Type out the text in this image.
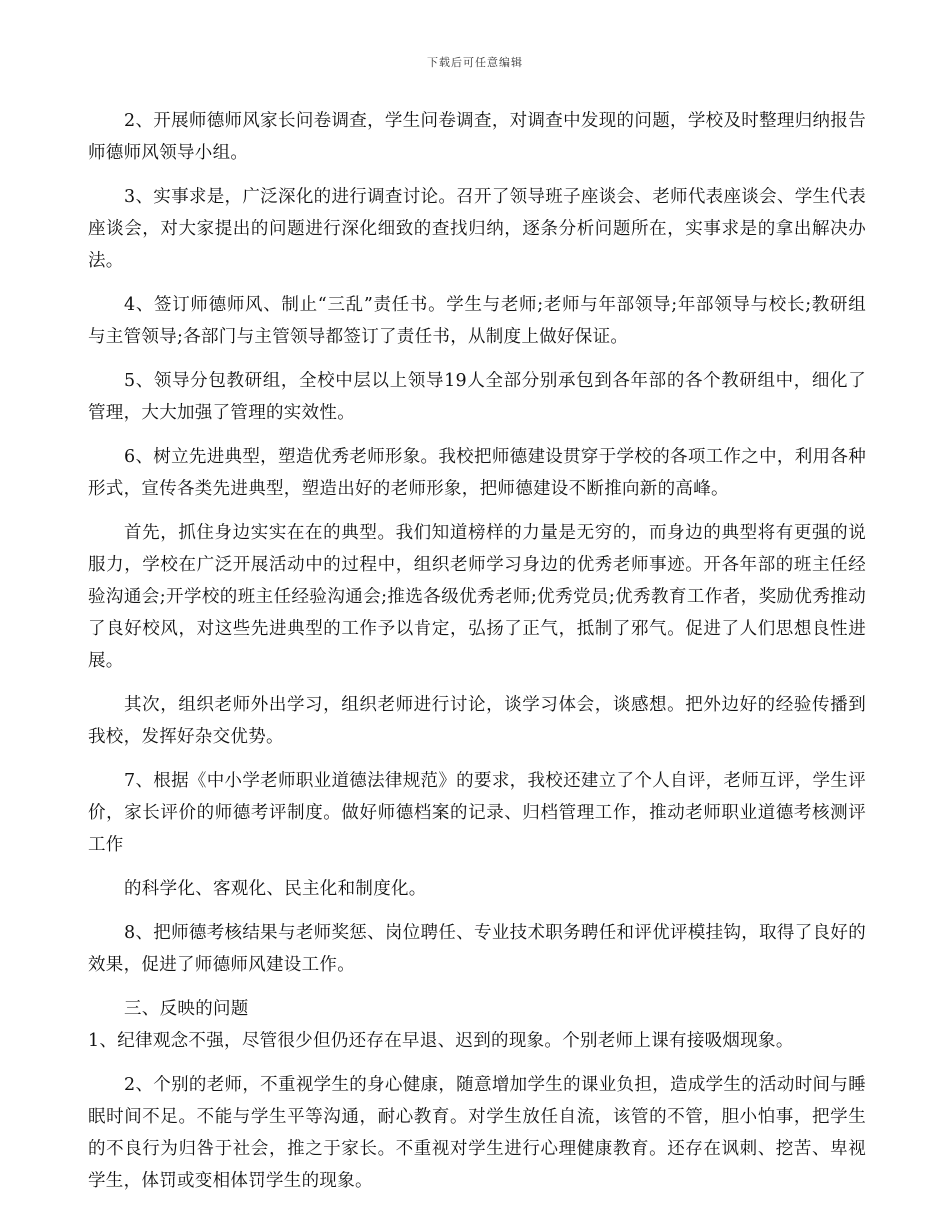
下载后可任意编辑

2、开展师德师风家长问卷调查，学生问卷调查，对调查中发现的问题，学校及时整理归纳报告师德师风领导小组。

3、实事求是，广泛深化的进行调查讨论。召开了领导班子座谈会、老师代表座谈会、学生代表座谈会，对大家提出的问题进行深化细致的查找归纳，逐条分析问题所在，实事求是的拿出解决办法。

4、签订师德师风、制止“三乱”责任书。学生与老师;老师与年部领导;年部领导与校长;教研组与主管领导;各部门与主管领导都签订了责任书，从制度上做好保证。

5、领导分包教研组，全校中层以上领导19人全部分别承包到各年部的各个教研组中，细化了管理，大大加强了管理的实效性。

6、树立先进典型，塑造优秀老师形象。我校把师德建设贯穿于学校的各项工作之中，利用各种形式，宣传各类先进典型，塑造出好的老师形象，把师德建设不断推向新的高峰。

首先，抓住身边实实在在的典型。我们知道榜样的力量是无穷的，而身边的典型将有更强的说服力，学校在广泛开展活动中的过程中，组织老师学习身边的优秀老师事迹。开各年部的班主任经验沟通会;开学校的班主任经验沟通会;推选各级优秀老师;优秀党员;优秀教育工作者，奖励优秀推动了良好校风，对这些先进典型的工作予以肯定，弘扬了正气，抵制了邪气。促进了人们思想良性进展。

其次，组织老师外出学习，组织老师进行讨论，谈学习体会，谈感想。把外边好的经验传播到我校，发挥好杂交优势。

7、根据《中小学老师职业道德法律规范》的要求，我校还建立了个人自评，老师互评，学生评价，家长评价的师德考评制度。做好师德档案的记录、归档管理工作，推动老师职业道德考核测评工作

的科学化、客观化、民主化和制度化。

8、把师德考核结果与老师奖惩、岗位聘任、专业技术职务聘任和评优评模挂钩，取得了良好的效果，促进了师德师风建设工作。

三、反映的问题

1、纪律观念不强，尽管很少但仍还存在早退、迟到的现象。个别老师上课有接吸烟现象。

2、个别的老师，不重视学生的身心健康，随意增加学生的课业负担，造成学生的活动时间与睡眠时间不足。不能与学生平等沟通，耐心教育。对学生放任自流，该管的不管，胆小怕事，把学生的不良行为归咎于社会，推之于家长。不重视对学生进行心理健康教育。还存在讽刺、挖苦、卑视学生，体罚或变相体罚学生的现象。
